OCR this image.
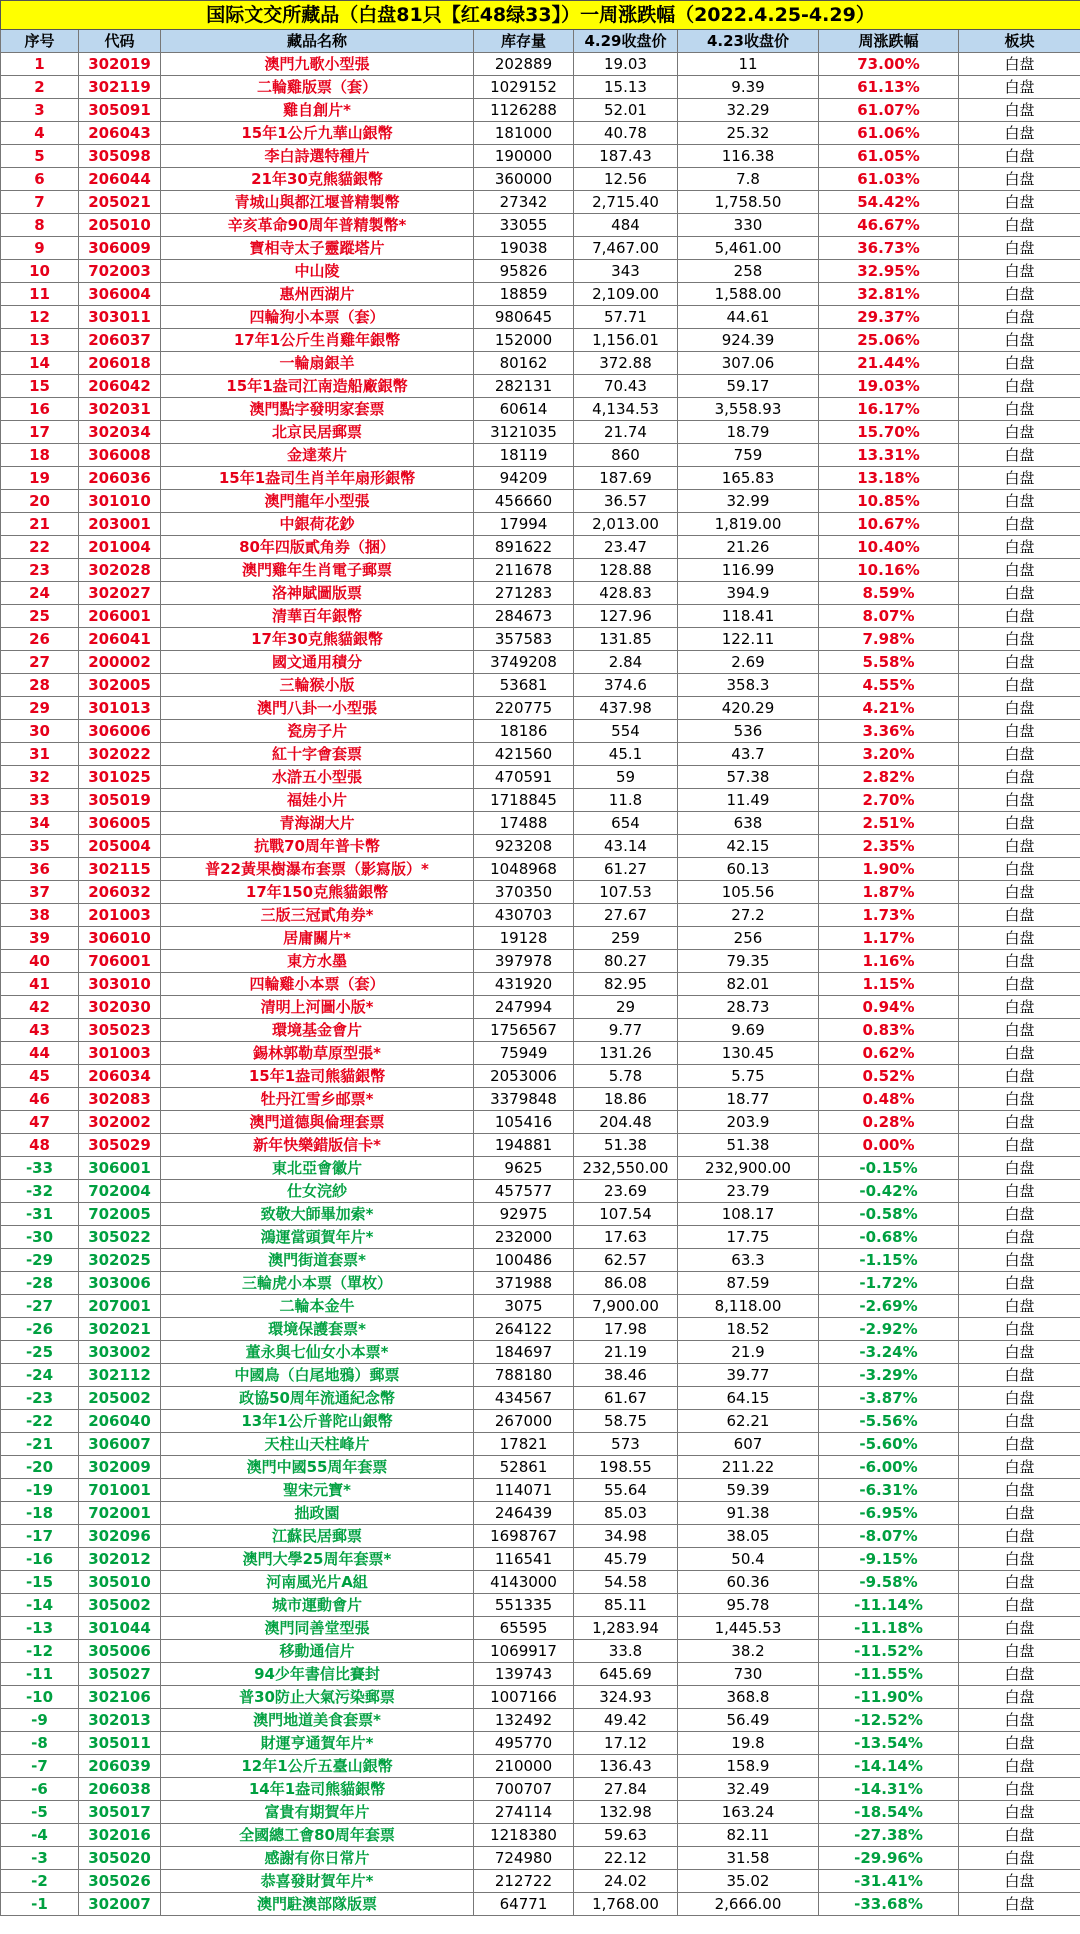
国际文交所藏品（白盘81只【红48绿33】）一周涨跌幅（2022.4.25-4.29）							
序号	代码	藏品名称	库存量	4.29收盘价	4.23收盘价	周涨跌幅	板块
1	302019	澳門九歌小型張	202889	19.03	11	73.00%	白盘
2	302119	二輪雞版票（套）	1029152	15.13	9.39	61.13%	白盘
3	305091	雞自創片*	1126288	52.01	32.29	61.07%	白盘
4	206043	15年1公斤九華山銀幣	181000	40.78	25.32	61.06%	白盘
5	305098	李白詩選特種片	190000	187.43	116.38	61.05%	白盘
6	206044	21年30克熊貓銀幣	360000	12.56	7.8	61.03%	白盘
7	205021	青城山與都江堰普精製幣	27342	2,715.40	1,758.50	54.42%	白盘
8	205010	辛亥革命90周年普精製幣*	33055	484	330	46.67%	白盘
9	306009	寶相寺太子靈蹤塔片	19038	7,467.00	5,461.00	36.73%	白盘
10	702003	中山陵	95826	343	258	32.95%	白盘
11	306004	惠州西湖片	18859	2,109.00	1,588.00	32.81%	白盘
12	303011	四輪狗小本票（套）	980645	57.71	44.61	29.37%	白盘
13	206037	17年1公斤生肖雞年銀幣	152000	1,156.01	924.39	25.06%	白盘
14	206018	一輪扇銀羊	80162	372.88	307.06	21.44%	白盘
15	206042	15年1盎司江南造船廠銀幣	282131	70.43	59.17	19.03%	白盘
16	302031	澳門點字發明家套票	60614	4,134.53	3,558.93	16.17%	白盘
17	302034	北京民居郵票	3121035	21.74	18.79	15.70%	白盘
18	306008	金達萊片	18119	860	759	13.31%	白盘
19	206036	15年1盎司生肖羊年扇形銀幣	94209	187.69	165.83	13.18%	白盘
20	301010	澳門龍年小型張	456660	36.57	32.99	10.85%	白盘
21	203001	中銀荷花鈔	17994	2,013.00	1,819.00	10.67%	白盘
22	201004	80年四版貳角券（捆）	891622	23.47	21.26	10.40%	白盘
23	302028	澳門雞年生肖電子郵票	211678	128.88	116.99	10.16%	白盘
24	302027	洛神賦圖版票	271283	428.83	394.9	8.59%	白盘
25	206001	清華百年銀幣	284673	127.96	118.41	8.07%	白盘
26	206041	17年30克熊貓銀幣	357583	131.85	122.11	7.98%	白盘
27	200002	國文通用積分	3749208	2.84	2.69	5.58%	白盘
28	302005	三輪猴小版	53681	374.6	358.3	4.55%	白盘
29	301013	澳門八卦一小型張	220775	437.98	420.29	4.21%	白盘
30	306006	瓷房子片	18186	554	536	3.36%	白盘
31	302022	紅十字會套票	421560	45.1	43.7	3.20%	白盘
32	301025	水滸五小型張	470591	59	57.38	2.82%	白盘
33	305019	福娃小片	1718845	11.8	11.49	2.70%	白盘
34	306005	青海湖大片	17488	654	638	2.51%	白盘
35	205004	抗戰70周年普卡幣	923208	43.14	42.15	2.35%	白盘
36	302115	普22黃果樹瀑布套票（影寫版）*	1048968	61.27	60.13	1.90%	白盘
37	206032	17年150克熊貓銀幣	370350	107.53	105.56	1.87%	白盘
38	201003	三版三冠貳角券*	430703	27.67	27.2	1.73%	白盘
39	306010	居庸關片*	19128	259	256	1.17%	白盘
40	706001	東方水墨	397978	80.27	79.35	1.16%	白盘
41	303010	四輪雞小本票（套）	431920	82.95	82.01	1.15%	白盘
42	302030	清明上河圖小版*	247994	29	28.73	0.94%	白盘
43	305023	環境基金會片	1756567	9.77	9.69	0.83%	白盘
44	301003	錫林郭勒草原型張*	75949	131.26	130.45	0.62%	白盘
45	206034	15年1盎司熊貓銀幣	2053006	5.78	5.75	0.52%	白盘
46	302083	牡丹江雪乡邮票*	3379848	18.86	18.77	0.48%	白盘
47	302002	澳門道德與倫理套票	105416	204.48	203.9	0.28%	白盘
48	305029	新年快樂錯版信卡*	194881	51.38	51.38	0.00%	白盘
-33	306001	東北亞會徽片	9625	232,550.00	232,900.00	-0.15%	白盘
-32	702004	仕女浣紗	457577	23.69	23.79	-0.42%	白盘
-31	702005	致敬大師畢加索*	92975	107.54	108.17	-0.58%	白盘
-30	305022	鴻運當頭賀年片*	232000	17.63	17.75	-0.68%	白盘
-29	302025	澳門街道套票*	100486	62.57	63.3	-1.15%	白盘
-28	303006	三輪虎小本票（單枚）	371988	86.08	87.59	-1.72%	白盘
-27	207001	二輪本金牛	3075	7,900.00	8,118.00	-2.69%	白盘
-26	302021	環境保護套票*	264122	17.98	18.52	-2.92%	白盘
-25	303002	董永與七仙女小本票*	184697	21.19	21.9	-3.24%	白盘
-24	302112	中國鳥（白尾地鴉）郵票	788180	38.46	39.77	-3.29%	白盘
-23	205002	政協50周年流通紀念幣	434567	61.67	64.15	-3.87%	白盘
-22	206040	13年1公斤普陀山銀幣	267000	58.75	62.21	-5.56%	白盘
-21	306007	天柱山天柱峰片	17821	573	607	-5.60%	白盘
-20	302009	澳門中國55周年套票	52861	198.55	211.22	-6.00%	白盘
-19	701001	聖宋元寶*	114071	55.64	59.39	-6.31%	白盘
-18	702001	拙政園	246439	85.03	91.38	-6.95%	白盘
-17	302096	江蘇民居郵票	1698767	34.98	38.05	-8.07%	白盘
-16	302012	澳門大學25周年套票*	116541	45.79	50.4	-9.15%	白盘
-15	305010	河南風光片A組	4143000	54.58	60.36	-9.58%	白盘
-14	305002	城市運動會片	551335	85.11	95.78	-11.14%	白盘
-13	301044	澳門同善堂型張	65595	1,283.94	1,445.53	-11.18%	白盘
-12	305006	移動通信片	1069917	33.8	38.2	-11.52%	白盘
-11	305027	94少年書信比賽封	139743	645.69	730	-11.55%	白盘
-10	302106	普30防止大氣污染郵票	1007166	324.93	368.8	-11.90%	白盘
-9	302013	澳門地道美食套票*	132492	49.42	56.49	-12.52%	白盘
-8	305011	財運亨通賀年片*	495770	17.12	19.8	-13.54%	白盘
-7	206039	12年1公斤五臺山銀幣	210000	136.43	158.9	-14.14%	白盘
-6	206038	14年1盎司熊貓銀幣	700707	27.84	32.49	-14.31%	白盘
-5	305017	富貴有期賀年片	274114	132.98	163.24	-18.54%	白盘
-4	302016	全國總工會80周年套票	1218380	59.63	82.11	-27.38%	白盘
-3	305020	感謝有你日常片	724980	22.12	31.58	-29.96%	白盘
-2	305026	恭喜發財賀年片*	212722	24.02	35.02	-31.41%	白盘
-1	302007	澳門駐澳部隊版票	64771	1,768.00	2,666.00	-33.68%	白盘
